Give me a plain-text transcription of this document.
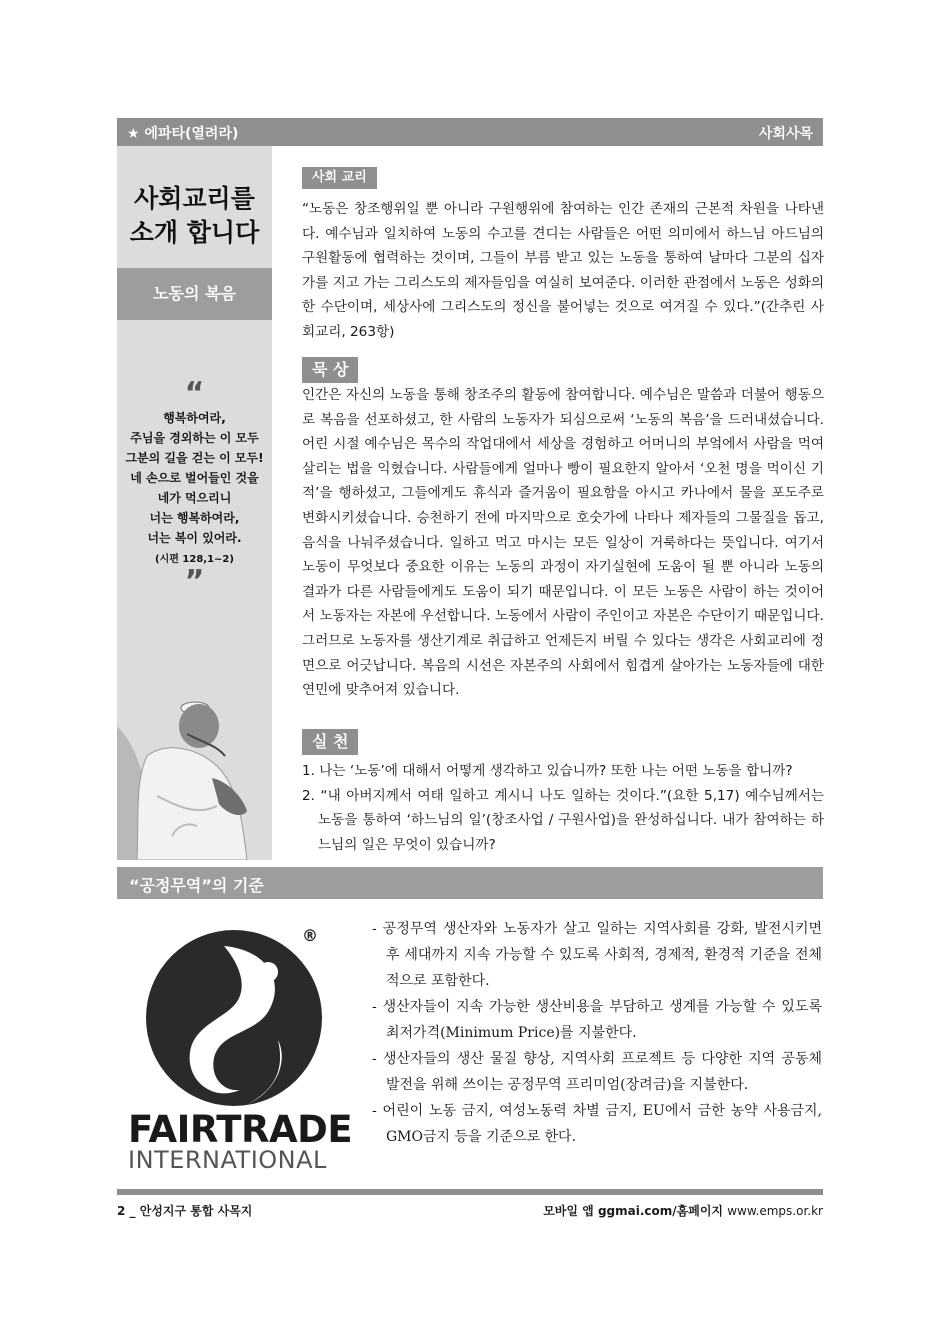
★ 에파타(열려라)	사회사목
사회교리를
소개 합니다
노동의 복음
“
행복하여라,
주님을 경외하는 이 모두
그분의 길을 걷는 이 모두!
네 손으로 벌어들인 것을
네가 먹으리니
너는 행복하여라,
너는 복이 있어라.
(시편 128,1~2)
”
사회 교리
“노동은 창조행위일 뿐 아니라 구원행위에 참여하는 인간 존재의 근본적 차원을 나타낸다. 예수님과 일치하여 노동의 수고를 견디는 사람들은 어떤 의미에서 하느님 아드님의 구원활동에 협력하는 것이며, 그들이 부름 받고 있는 노동을 통하여 날마다 그분의 십자가를 지고 가는 그리스도의 제자들임을 여실히 보여준다. 이러한 관점에서 노동은 성화의 한 수단이며, 세상사에 그리스도의 정신을 불어넣는 것으로 여겨질 수 있다.”(간추린 사회교리, 263항)
묵 상
인간은 자신의 노동을 통해 창조주의 활동에 참여합니다. 예수님은 말씀과 더불어 행동으로 복음을 선포하셨고, 한 사람의 노동자가 되심으로써 ‘노동의 복음’을 드러내셨습니다. 어린 시절 예수님은 목수의 작업대에서 세상을 경험하고 어머니의 부엌에서 사람을 먹여 살리는 법을 익혔습니다. 사람들에게 얼마나 빵이 필요한지 알아서 ‘오천 명을 먹이신 기적’을 행하셨고, 그들에게도 휴식과 즐거움이 필요함을 아시고 카나에서 물을 포도주로 변화시키셨습니다. 승천하기 전에 마지막으로 호숫가에 나타나 제자들의 그물질을 돕고, 음식을 나눠주셨습니다. 일하고 먹고 마시는 모든 일상이 거룩하다는 뜻입니다. 여기서 노동이 무엇보다 중요한 이유는 노동의 과정이 자기실현에 도움이 될 뿐 아니라 노동의 결과가 다른 사람들에게도 도움이 되기 때문입니다. 이 모든 노동은 사람이 하는 것이어서 노동자는 자본에 우선합니다. 노동에서 사람이 주인이고 자본은 수단이기 때문입니다. 그러므로 노동자를 생산기계로 취급하고 언제든지 버릴 수 있다는 생각은 사회교리에 정면으로 어긋납니다. 복음의 시선은 자본주의 사회에서 힘겹게 살아가는 노동자들에 대한 연민에 맞추어져 있습니다.
실 천
1. 나는 ‘노동’에 대해서 어떻게 생각하고 있습니까? 또한 나는 어떤 노동을 합니까?
2. “내 아버지께서 여태 일하고 계시니 나도 일하는 것이다.”(요한 5,17) 예수님께서는 노동을 통하여 ‘하느님의 일’(창조사업 / 구원사업)을 완성하십니다. 내가 참여하는 하느님의 일은 무엇이 있습니까?
“공정무역”의 기준
®
FAIRTRADE
INTERNATIONAL
- 공정무역 생산자와 노동자가 살고 일하는 지역사회를 강화, 발전시키면 후 세대까지 지속 가능할 수 있도록 사회적, 경제적, 환경적 기준을 전체적으로 포함한다.
- 생산자들이 지속 가능한 생산비용을 부담하고 생계를 가능할 수 있도록 최저가격(Minimum Price)를 지불한다.
- 생산자들의 생산 물질 향상, 지역사회 프로젝트 등 다양한 지역 공동체 발전을 위해 쓰이는 공정무역 프리미엄(장려금)을 지불한다.
- 어린이 노동 금지, 여성노동력 차별 금지, EU에서 금한 농약 사용금지, GMO금지 등을 기준으로 한다.
2 _ 안성지구 통합 사목지	모바일 앱 ggmai.com/홈페이지 www.emps.or.kr
